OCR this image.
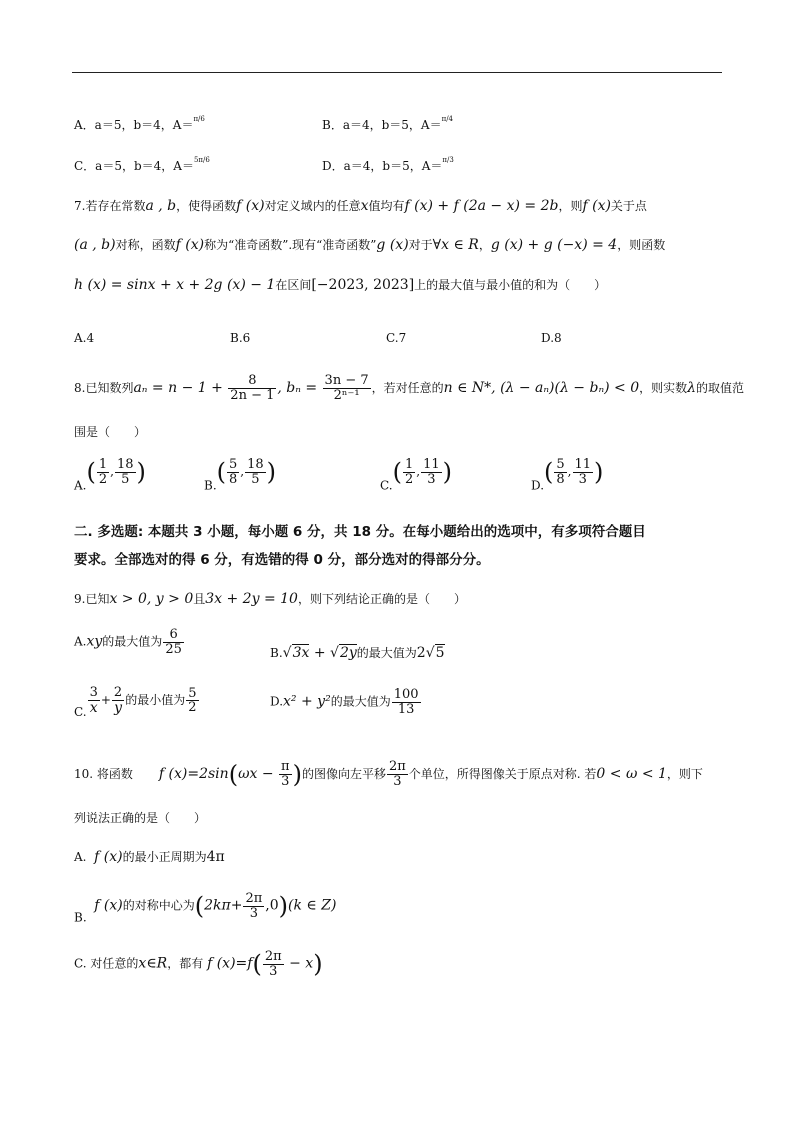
A．a＝5，b＝4，A＝$^{\pi/6}$	B．a＝4，b＝5，A＝$^{\pi/4}$
C．a＝5，b＝4，A＝$^{5\pi/6}$	D．a＝4，b＝5，A＝$^{\pi/3}$
7.若存在常数a , b，使得函数f (x)对定义域内的任意x值均有f (x) + f (2a − x) = 2b，则f (x)关于点
(a , b)对称，函数f (x)称为“准奇函数”.现有“准奇函数”g (x)对于∀x ∈ R，g (x) + g (−x) = 4，则函数
h (x) = sinx + x + 2g (x) − 1在区间[−2023, 2023]上的最大值与最小值的和为（　　）
A.4	B.6	C.7	D.8
8.已知数列$a_n = n - 1 + \frac{8}{2n - 1}$ , $b_n = \frac{3n - 7}{\text{2ⁿ⁻¹}}$ ，若对任意的n ∈ N*, (λ − aₙ)(λ − bₙ) < 0，则实数λ的取值范
围是（　　）
$A.( \frac{1}{2}$ , $\frac{18}{5}$ )	$B.( \frac{5}{8}$ , $\frac{18}{5}$ )	$C.( \frac{1}{2}$ , $\frac{11}{3}$ )	$D.( \frac{5}{8}$ , $\frac{11}{3}$ )
二. 多选题: 本题共 3 小题，每小题 6 分，共 18 分。在每小题给出的选项中，有多项符合题目
要求。全部选对的得 6 分，有选错的得 0 分，部分选对的得部分分。
9.已知x > 0, y > 0且3x + 2y = 10，则下列结论正确的是（　　）
A.xy的最大值为 $\frac{6}{25}$	B.√3x + √2y的最大值为2√5
C. $\frac{3}{x} + \frac{2}{y}$ 的最小值为 $\frac{5}{2}$	D.x² + y²的最大值为 $\frac{100}{13}$
10. 将函数 f $(x)=2\sin(\omega x - \frac{\pi}{3}$ )的图像向左平移 $\frac{2\pi}{3}$ 个单位，所得图像关于原点对称. 若0 < ω < 1，则下
列说法正确的是（　　）
A. f (x)的最小正周期为4π
B.  f (x)的对称中心为$(2k\pi+ \frac{2\pi}{3} ,0)(k$ ∈ Z)
C. 对任意的x∈R，都有 f $(x)=f( \frac{2\pi}{3} - x)$
